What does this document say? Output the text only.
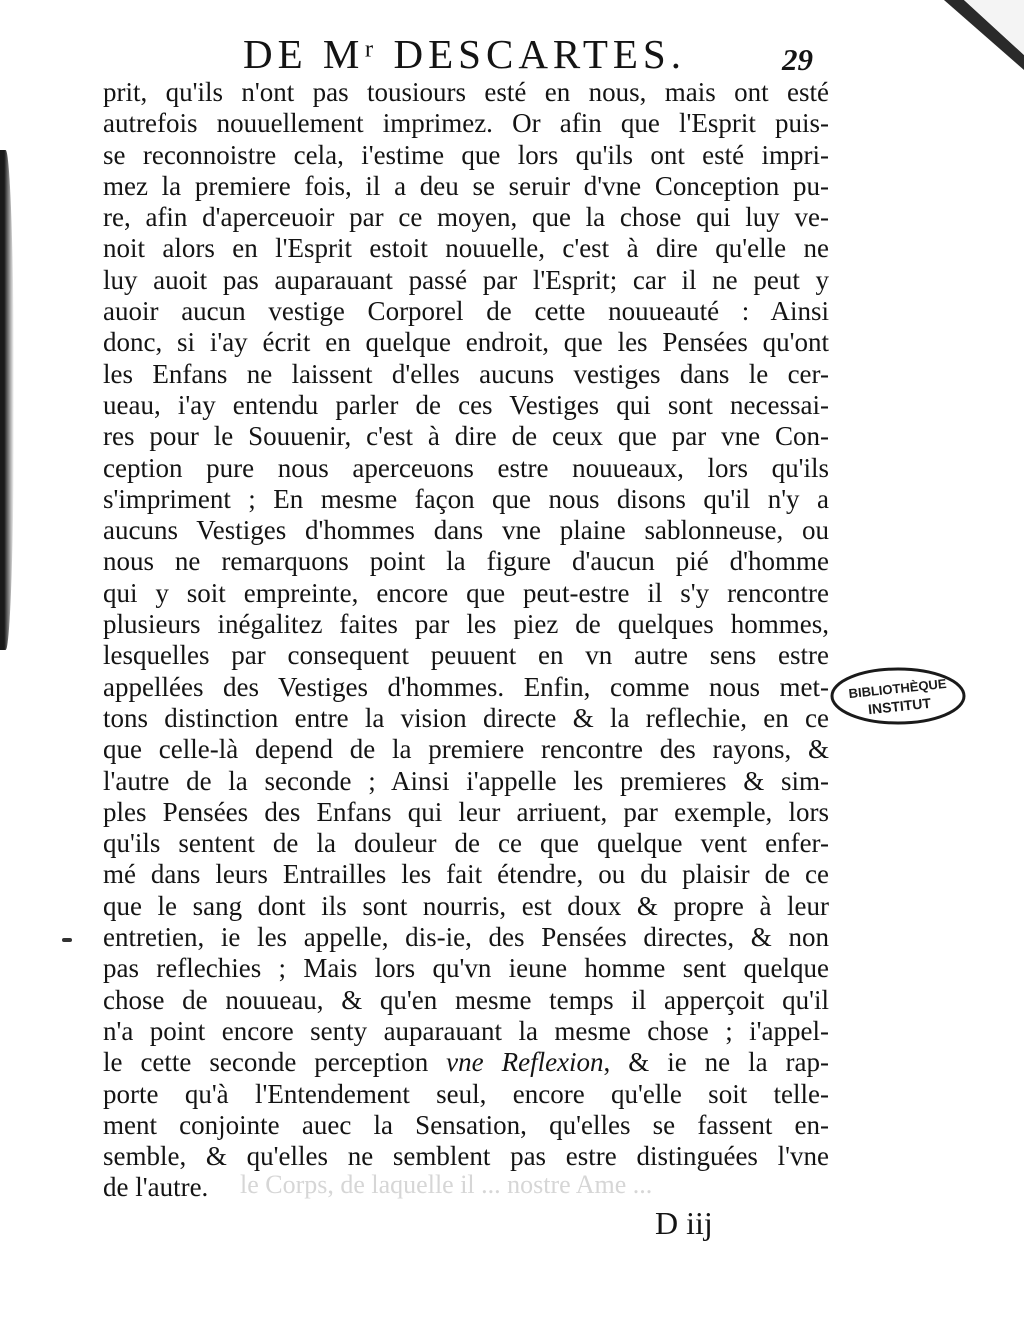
DE Mʳ DESCARTES.	29
prit, qu'ils n'ont pas tousiours esté en nous, mais ont esté
autrefois nouuellement imprimez. Or afin que l'Esprit puis-
se reconnoistre cela, i'estime que lors qu'ils ont esté impri-
mez la premiere fois, il a deu se seruir d'vne Conception pu-
re, afin d'aperceuoir par ce moyen, que la chose qui luy ve-
noit alors en l'Esprit estoit nouuelle, c'est à dire qu'elle ne
luy auoit pas auparauant passé par l'Esprit; car il ne peut y
auoir aucun vestige Corporel de cette nouueauté : Ainsi
donc, si i'ay écrit en quelque endroit, que les Pensées qu'ont
les Enfans ne laissent d'elles aucuns vestiges dans le cer-
ueau, i'ay entendu parler de ces Vestiges qui sont necessai-
res pour le Souuenir, c'est à dire de ceux que par vne Con-
ception pure nous aperceuons estre nouueaux, lors qu'ils
s'impriment ; En mesme façon que nous disons qu'il n'y a
aucuns Vestiges d'hommes dans vne plaine sablonneuse, ou
nous ne remarquons point la figure d'aucun pié d'homme
qui y soit empreinte, encore que peut-estre il s'y rencontre
plusieurs inégalitez faites par les piez de quelques hommes,
lesquelles par consequent peuuent en vn autre sens estre
appellées des Vestiges d'hommes. Enfin, comme nous met-
tons distinction entre la vision directe & la reflechie, en ce
que celle-là depend de la premiere rencontre des rayons, &
l'autre de la seconde ; Ainsi i'appelle les premieres & sim-
ples Pensées des Enfans qui leur arriuent, par exemple, lors
qu'ils sentent de la douleur de ce que quelque vent enfer-
mé dans leurs Entrailles les fait étendre, ou du plaisir de ce
que le sang dont ils sont nourris, est doux & propre à leur
entretien, ie les appelle, dis-ie, des Pensées directes, & non
pas reflechies ; Mais lors qu'vn ieune homme sent quelque
chose de nouueau, & qu'en mesme temps il apperçoit qu'il
n'a point encore senty auparauant la mesme chose ; i'appel-
le cette seconde perception vne Reflexion, & ie ne la rap-
porte qu'à l'Entendement seul, encore qu'elle soit telle-
ment conjointe auec la Sensation, qu'elles se fassent en-
semble, & qu'elles ne semblent pas estre distinguées l'vne
de l'autre.	le Corps, de laquelle il ... nostre Ame ...
D iij
BIBLIOTHÈQUE
INSTITUT
